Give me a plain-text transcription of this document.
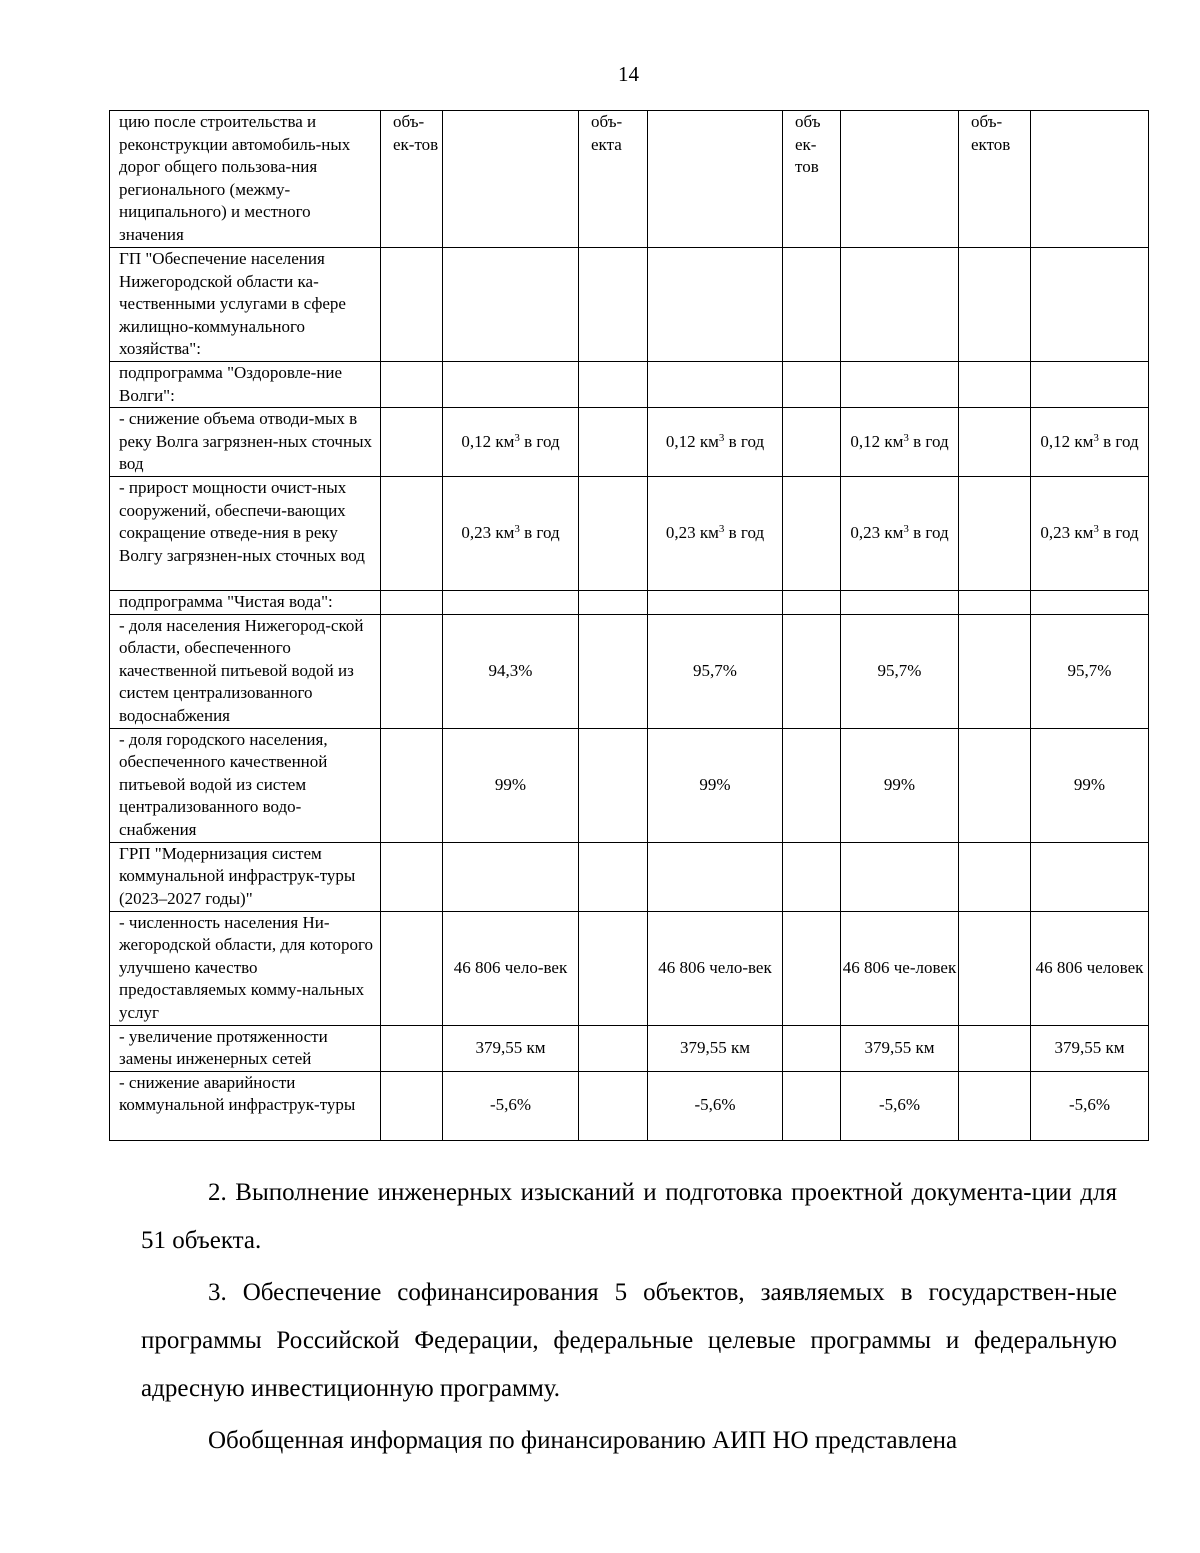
14
цию после строительства и реконструкции автомобиль-ных дорог общего пользова-ния регионального (межму-ниципального) и местного значения	объ-ек-тов		объ-екта		объ ек-тов		объ-ектов	
ГП "Обеспечение населения Нижегородской области ка-чественными услугами в сфере жилищно-коммунального хозяйства":								
подпрограмма "Оздоровле-ние Волги":								
- снижение объема отводи-мых в реку Волга загрязнен-ных сточных вод		0,12 $км^3$ в год		0,12 $км^3$ в год		0,12 $км^3$ в год		0,12 $км^3$ в год
- прирост мощности очист-ных сооружений, обеспечи-вающих сокращение отведе-ния в реку Волгу загрязнен-ных сточных вод		0,23 $км^3$ в год		0,23 $км^3$ в год		0,23 $км^3$ в год		0,23 $км^3$ в год
подпрограмма "Чистая вода":								
- доля населения Нижегород-ской области, обеспеченного качественной питьевой водой из систем централизованного водоснабжения		94,3%		95,7%		95,7%		95,7%
- доля городского населения, обеспеченного качественной питьевой водой из систем централизованного водо-снабжения		99%		99%		99%		99%
ГРП "Модернизация систем коммунальной инфраструк-туры (2023–2027 годы)"								
- численность населения Ни-жегородской области, для которого улучшено качество предоставляемых комму-нальных услуг		46 806 чело-век		46 806 чело-век		46 806 че-ловек		46 806 человек
- увеличение протяженности замены инженерных сетей		379,55 км		379,55 км		379,55 км		379,55 км
- снижение аварийности коммунальной инфраструк-туры		-5,6%		-5,6%		-5,6%		-5,6%
2. Выполнение инженерных изысканий и подготовка проектной документа-ции для 51 объекта.
3. Обеспечение софинансирования 5 объектов, заявляемых в государствен-ные программы Российской Федерации, федеральные целевые программы и федеральную адресную инвестиционную программу.
Обобщенная информация по финансированию АИП НО представлена
